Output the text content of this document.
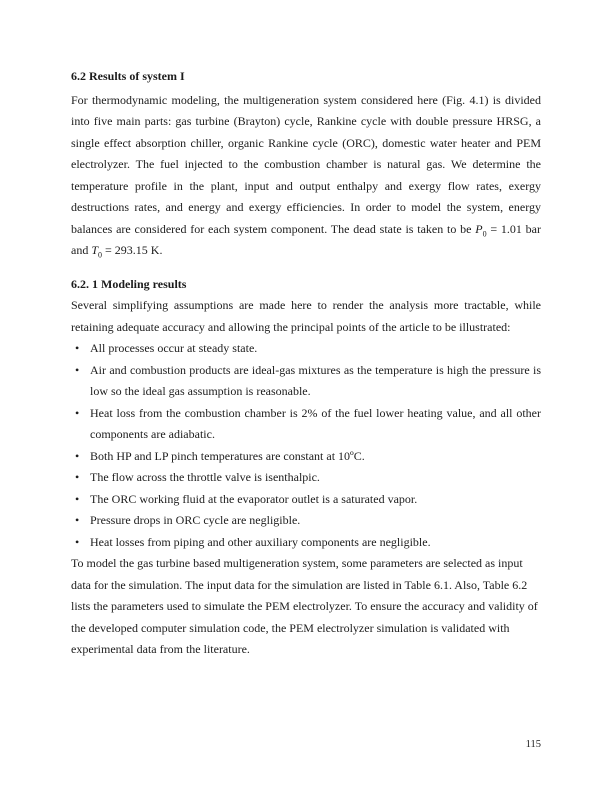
6.2 Results of system I

For thermodynamic modeling, the multigeneration system considered here (Fig. 4.1) is divided into five main parts: gas turbine (Brayton) cycle, Rankine cycle with double pressure HRSG, a single effect absorption chiller, organic Rankine cycle (ORC), domestic water heater and PEM electrolyzer. The fuel injected to the combustion chamber is natural gas. We determine the temperature profile in the plant, input and output enthalpy and exergy flow rates, exergy destructions rates, and energy and exergy efficiencies. In order to model the system, energy balances are considered for each system component. The dead state is taken to be $P_0 = 1.01$ bar and $T_0 = 293.15$ K.

6.2. 1 Modeling results

Several simplifying assumptions are made here to render the analysis more tractable, while retaining adequate accuracy and allowing the principal points of the article to be illustrated:

• All processes occur at steady state.
• Air and combustion products are ideal-gas mixtures as the temperature is high the pressure is low so the ideal gas assumption is reasonable.
• Heat loss from the combustion chamber is 2% of the fuel lower heating value, and all other components are adiabatic.
• Both HP and LP pinch temperatures are constant at 10ºC.
• The flow across the throttle valve is isenthalpic.
• The ORC working fluid at the evaporator outlet is a saturated vapor.
• Pressure drops in ORC cycle are negligible.
• Heat losses from piping and other auxiliary components are negligible.

To model the gas turbine based multigeneration system, some parameters are selected as input data for the simulation. The input data for the simulation are listed in Table 6.1. Also, Table 6.2 lists the parameters used to simulate the PEM electrolyzer. To ensure the accuracy and validity of the developed computer simulation code, the PEM electrolyzer simulation is validated with experimental data from the literature.

115
